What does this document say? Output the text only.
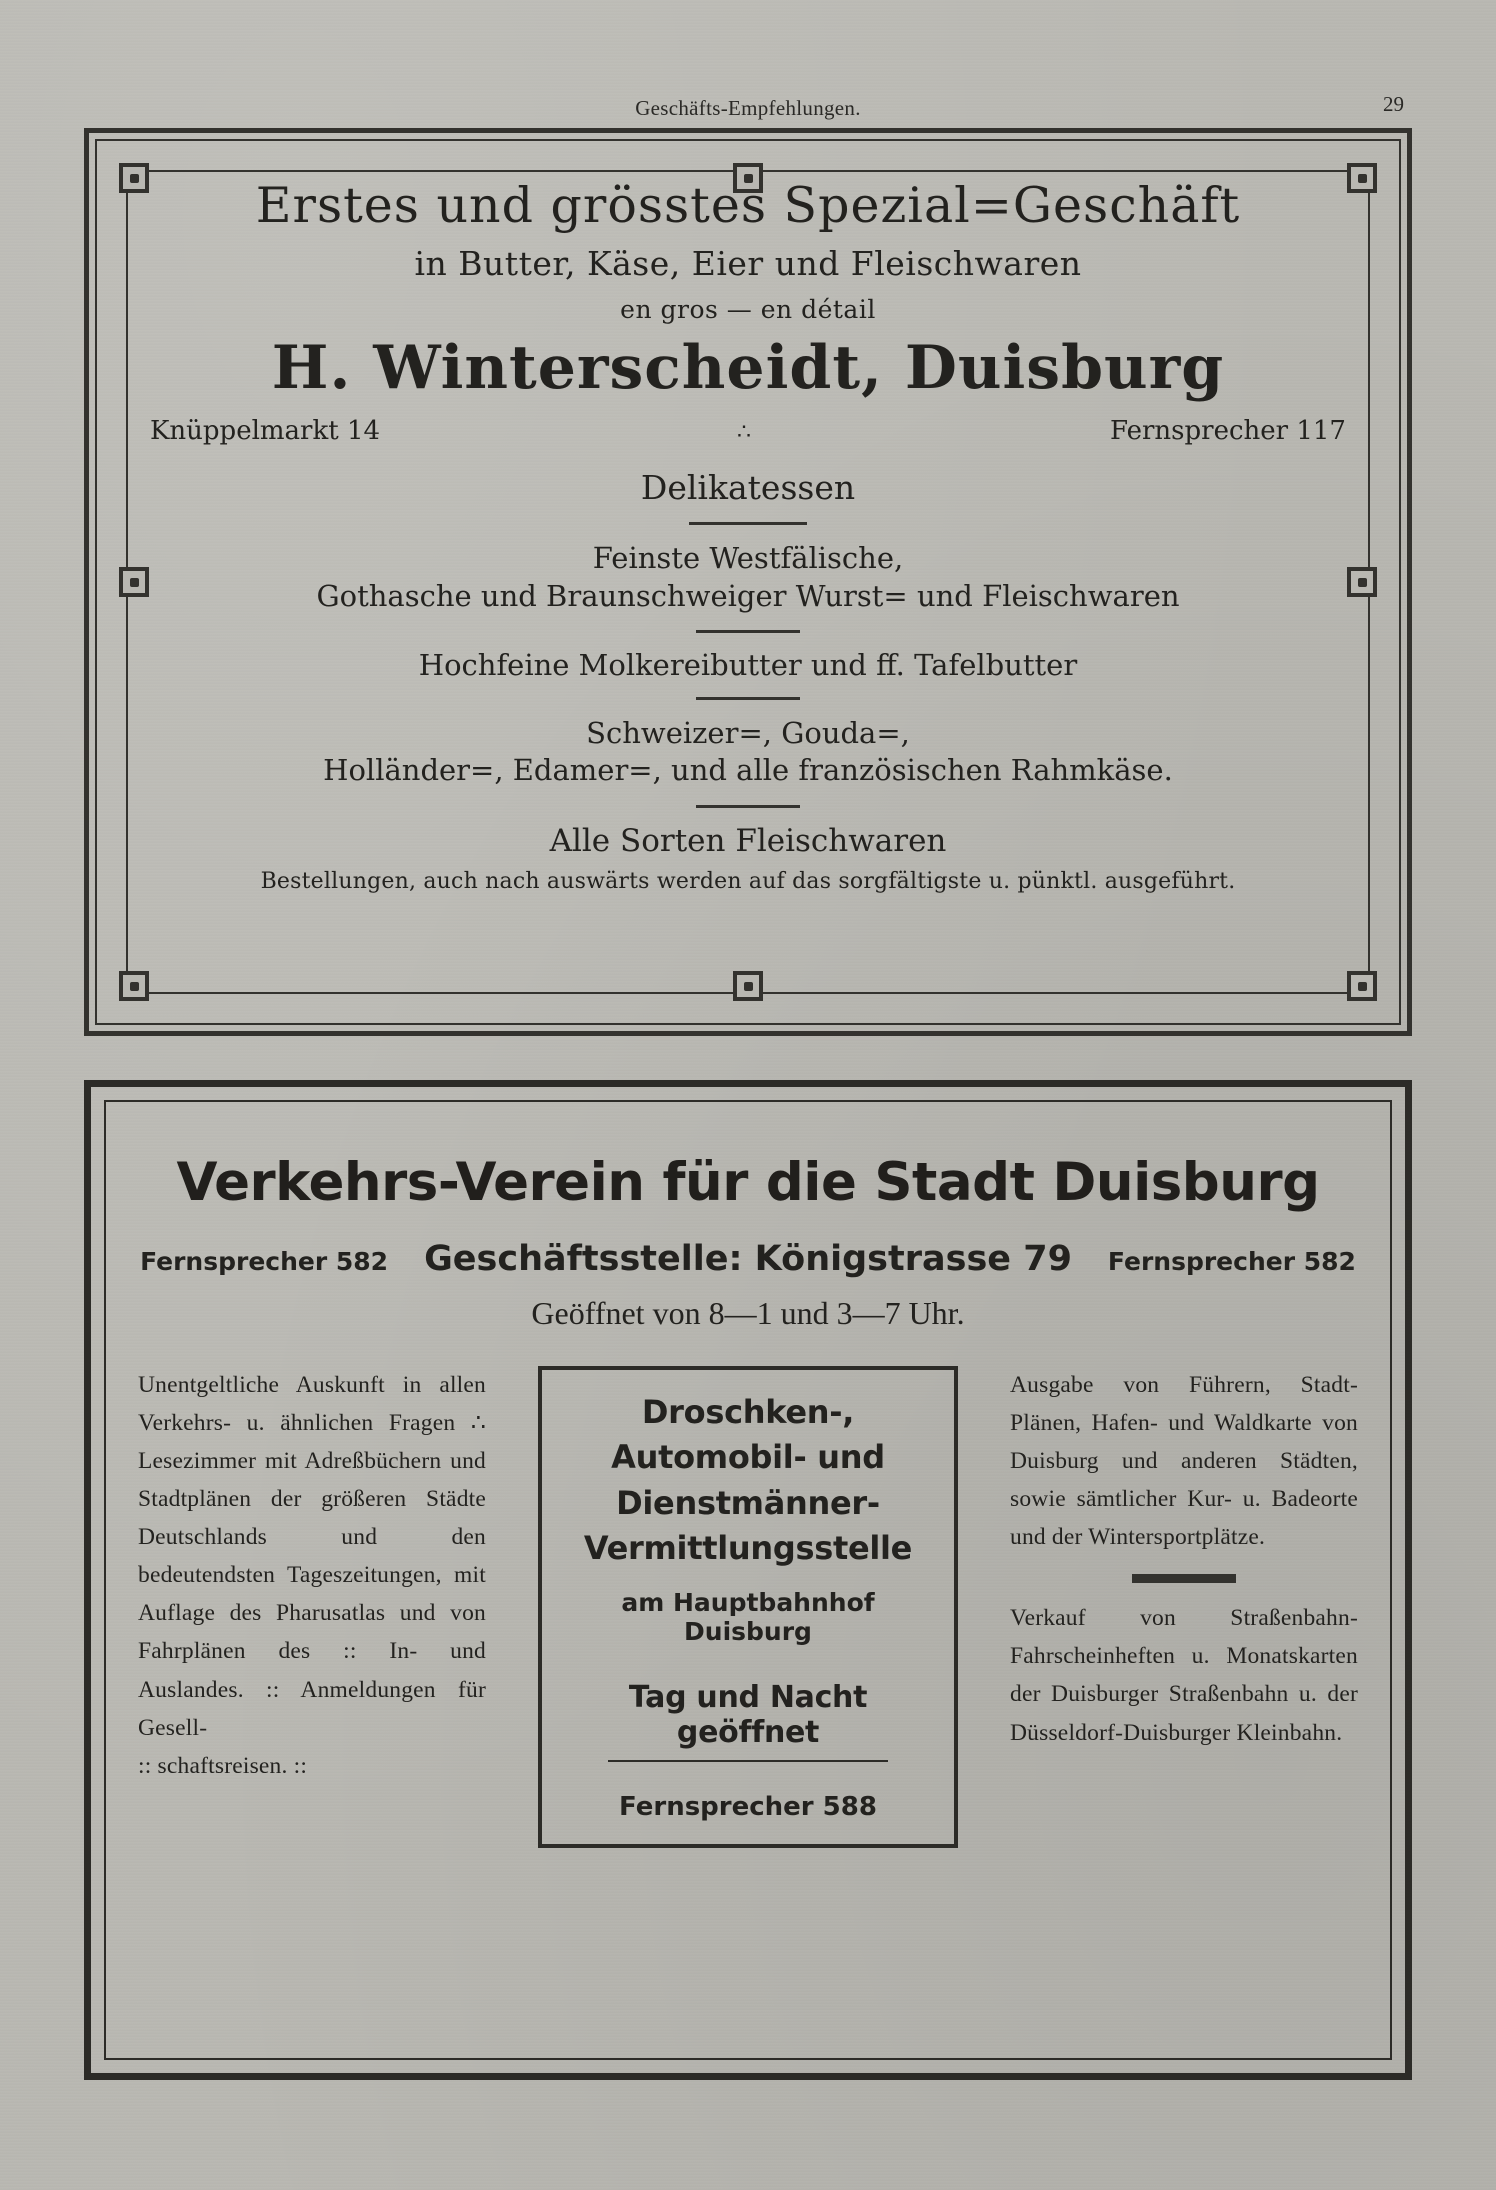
Geschäfts-Empfehlungen.	29
Erstes und grösstes Spezial=Geschäft
in Butter, Käse, Eier und Fleischwaren
en gros — en détail
H. Winterscheidt, Duisburg
Knüppelmarkt 14	∴	Fernsprecher 117
Delikatessen
Feinste Westfälische,
Gothasche und Braunschweiger Wurst= und Fleischwaren
Hochfeine Molkereibutter und ff. Tafelbutter
Schweizer=, Gouda=,
Holländer=, Edamer=, und alle französischen Rahmkäse.
Alle Sorten Fleischwaren
Bestellungen, auch nach auswärts werden auf das sorgfältigste u. pünktl. ausgeführt.
Verkehrs-Verein für die Stadt Duisburg
Fernsprecher 582 Geschäftsstelle: Königstrasse 79 Fernsprecher 582
Geöffnet von 8—1 und 3—7 Uhr.

Unentgeltliche Auskunft in allen Verkehrs- u. ähnlichen Fragen ∴ Lesezimmer mit Adreßbüchern und Stadtplänen der größeren Städte Deutschlands und den bedeutendsten Tageszeitungen, mit Auflage des Pharusatlas und von Fahrplänen des :: In- und Auslandes. :: Anmeldungen für Gesell-

:: schaftsreisen. ::

Droschken-, Automobil- und Dienstmänner- Vermittlungsstelle
am Hauptbahnhof Duisburg
Tag und Nacht geöffnet
Fernsprecher 588

Ausgabe von Führern, Stadt-Plänen, Hafen- und Waldkarte von Duisburg und anderen Städten, sowie sämtlicher Kur- u. Badeorte und der Wintersportplätze.

Verkauf von Straßenbahn-Fahrscheinheften u. Monatskarten der Duisburger Straßenbahn u. der Düsseldorf-Duisburger Kleinbahn.
